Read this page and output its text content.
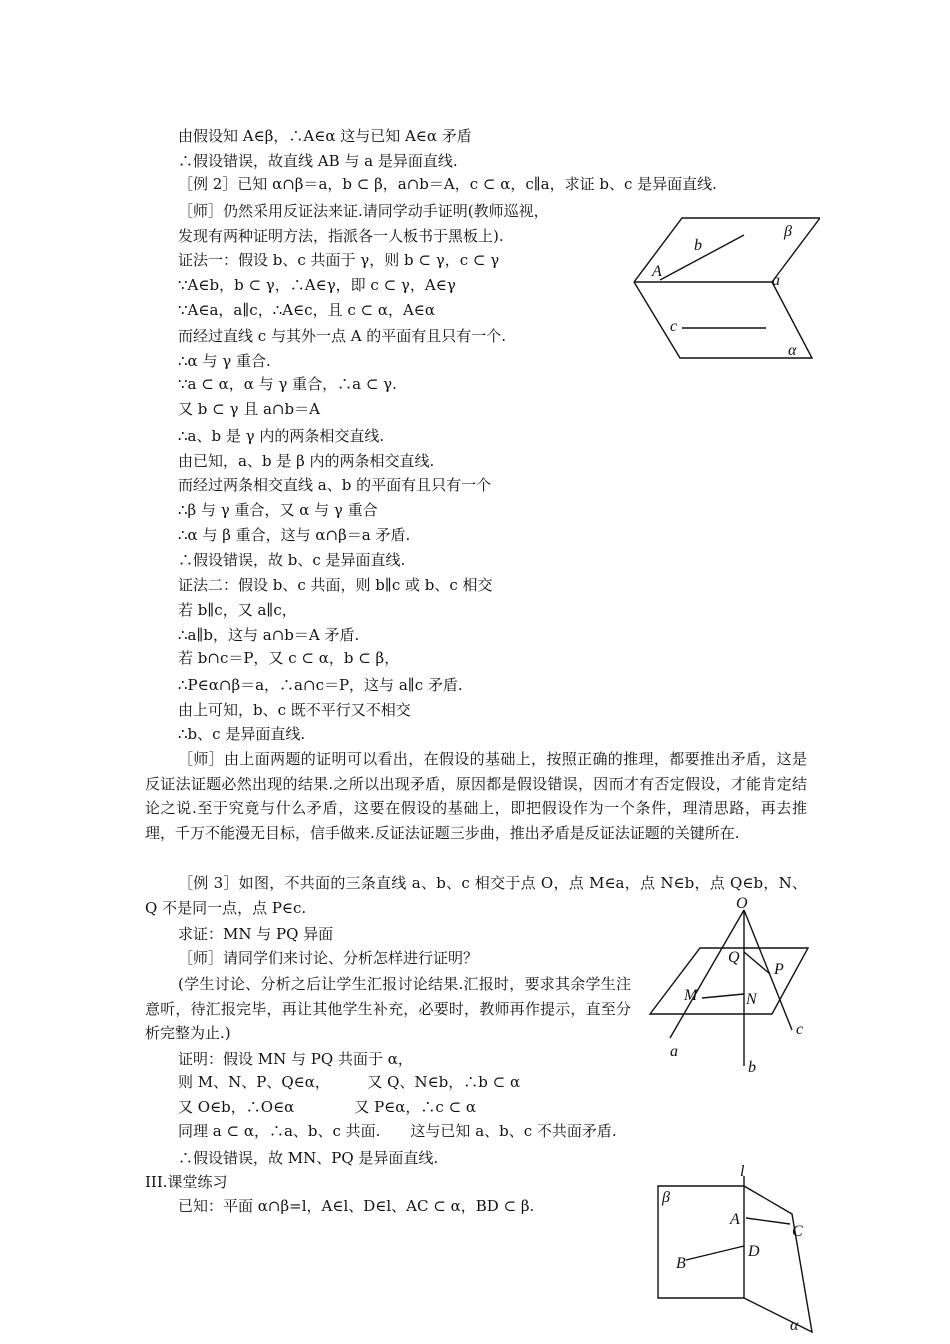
由假设知 A∈β，∴A∈α 这与已知 A∈α 矛盾
∴假设错误，故直线 AB 与 a 是异面直线.
［例 2］已知 α∩β＝a，b ⊂ β，a∩b＝A，c ⊂ α，c∥a，求证 b、c 是异面直线.
［师］仍然采用反证法来证.请同学动手证明(教师巡视，
发现有两种证明方法，指派各一人板书于黑板上).
证法一：假设 b、c 共面于 γ，则 b ⊂ γ，c ⊂ γ
∵A∈b，b ⊂ γ，∴A∈γ，即 c ⊂ γ，A∈γ
∵A∈a，a∥c，∴A∈c，且 c ⊂ α，A∈α
而经过直线 c 与其外一点 A 的平面有且只有一个.
∴α 与 γ 重合.
∵a ⊂ α，α 与 γ 重合，∴a ⊂ γ.
又 b ⊂ γ 且 a∩b＝A
∴a、b 是 γ 内的两条相交直线.
由已知，a、b 是 β 内的两条相交直线.
而经过两条相交直线 a、b 的平面有且只有一个
∴β 与 γ 重合，又 α 与 γ 重合
∴α 与 β 重合，这与 α∩β＝a 矛盾.
∴假设错误，故 b、c 是异面直线.
证法二：假设 b、c 共面，则 b∥c 或 b、c 相交
若 b∥c，又 a∥c，
∴a∥b，这与 a∩b＝A 矛盾.
若 b∩c＝P，又 c ⊂ α，b ⊂ β，
∴P∈α∩β＝a，∴a∩c＝P，这与 a∥c 矛盾.
由上可知，b、c 既不平行又不相交
∴b、c 是异面直线.
［师］由上面两题的证明可以看出，在假设的基础上，按照正确的推理，都要推出矛盾，这是反证法证题必然出现的结果.之所以出现矛盾，原因都是假设错误，因而才有否定假设，才能肯定结论之说.至于究竟与什么矛盾，这要在假设的基础上，即把假设作为一个条件，理清思路，再去推理，千万不能漫无目标，信手做来.反证法证题三步曲，推出矛盾是反证法证题的关键所在.
［例 3］如图，不共面的三条直线 a、b、c 相交于点 O，点 M∈a，点 N∈b，点 Q∈b，N、Q 不是同一点，点 P∈c.
求证：MN 与 PQ 异面
［师］请同学们来讨论、分析怎样进行证明？
(学生讨论、分析之后让学生汇报讨论结果.汇报时，要求其余学生注意听，待汇报完毕，再让其他学生补充，必要时，教师再作提示，直至分析完整为止.)
证明：假设 MN 与 PQ 共面于 α，
则 M、N、P、Q∈α，　　　又 Q、N∈b，∴b ⊂ α
又 O∈b，∴O∈α　　　　又 P∈α，∴c ⊂ α
同理 a ⊂ α，∴a、b、c 共面.　　这与已知 a、b、c 不共面矛盾.
∴假设错误，故 MN、PQ 是异面直线.
III.课堂练习
已知：平面 α∩β=l，A∈l、D∈l、AC ⊂ α，BD ⊂ β.
β
b
A
a
c
α
O
Q
P
M	N
a
b
c
l
β
A
C
D
B
α
